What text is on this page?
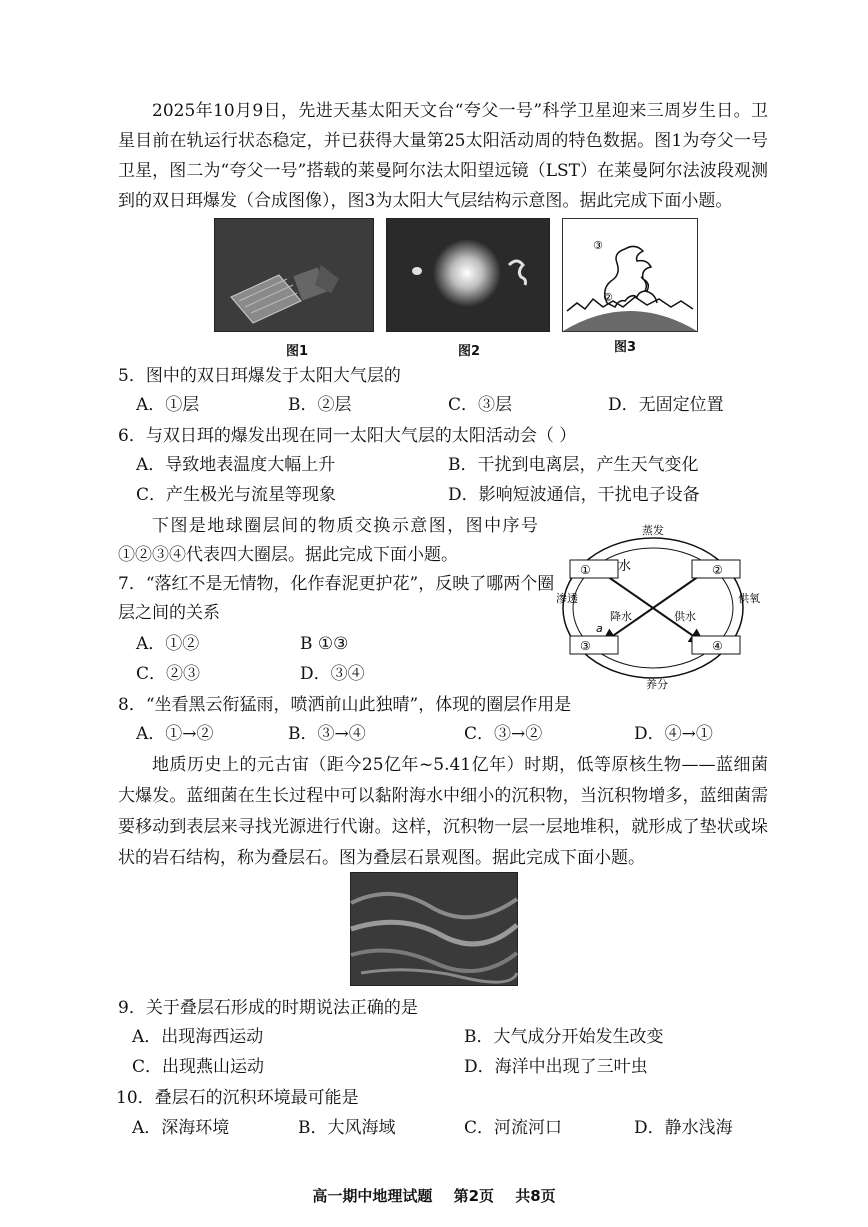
2025年10月9日，先进天基太阳天文台“夸父一号”科学卫星迎来三周岁生日。卫星目前在轨运行状态稳定，并已获得大量第25太阳活动周的特色数据。图1为夸父一号卫星，图二为“夸父一号”搭载的莱曼阿尔法太阳望远镜（LST）在莱曼阿尔法波段观测到的双日珥爆发（合成图像），图3为太阳大气层结构示意图。据此完成下面小题。

③
②
图1	图2	图3
5．图中的双日珥爆发于太阳大气层的
A．①层	B．②层	C．③层	D．无固定位置
6．与双日珥的爆发出现在同一太阳大气层的太阳活动会（ ）
A．导致地表温度大幅上升	B．干扰到电离层，产生天气变化
C．产生极光与流星等现象	D．影响短波通信，干扰电子设备

下图是地球圈层间的物质交换示意图，图中序号①②③④代表四大圈层。据此完成下面小题。

①	②
③	④
蒸发
养分
渗透	供氧
降水	供水
水
a
7．“落红不是无情物，化作春泥更护花”，反映了哪两个圈
层之间的关系
A．①②	B ①③
C．②③	D．③④
8．“坐看黑云衔猛雨，喷洒前山此独晴”，体现的圈层作用是
A．①→②	B．③→④	C．③→②	D．④→①

地质历史上的元古宙（距今25亿年~5.41亿年）时期，低等原核生物——蓝细菌大爆发。蓝细菌在生长过程中可以黏附海水中细小的沉积物，当沉积物增多，蓝细菌需要移动到表层来寻找光源进行代谢。这样，沉积物一层一层地堆积，就形成了垫状或垛状的岩石结构，称为叠层石。图为叠层石景观图。据此完成下面小题。

9．关于叠层石形成的时期说法正确的是
A．出现海西运动	B．大气成分开始发生改变
C．出现燕山运动	D．海洋中出现了三叶虫
10．叠层石的沉积环境最可能是
A．深海环境	B．大风海域	C．河流河口	D．静水浅海
高一期中地理试题 第2页 共8页
